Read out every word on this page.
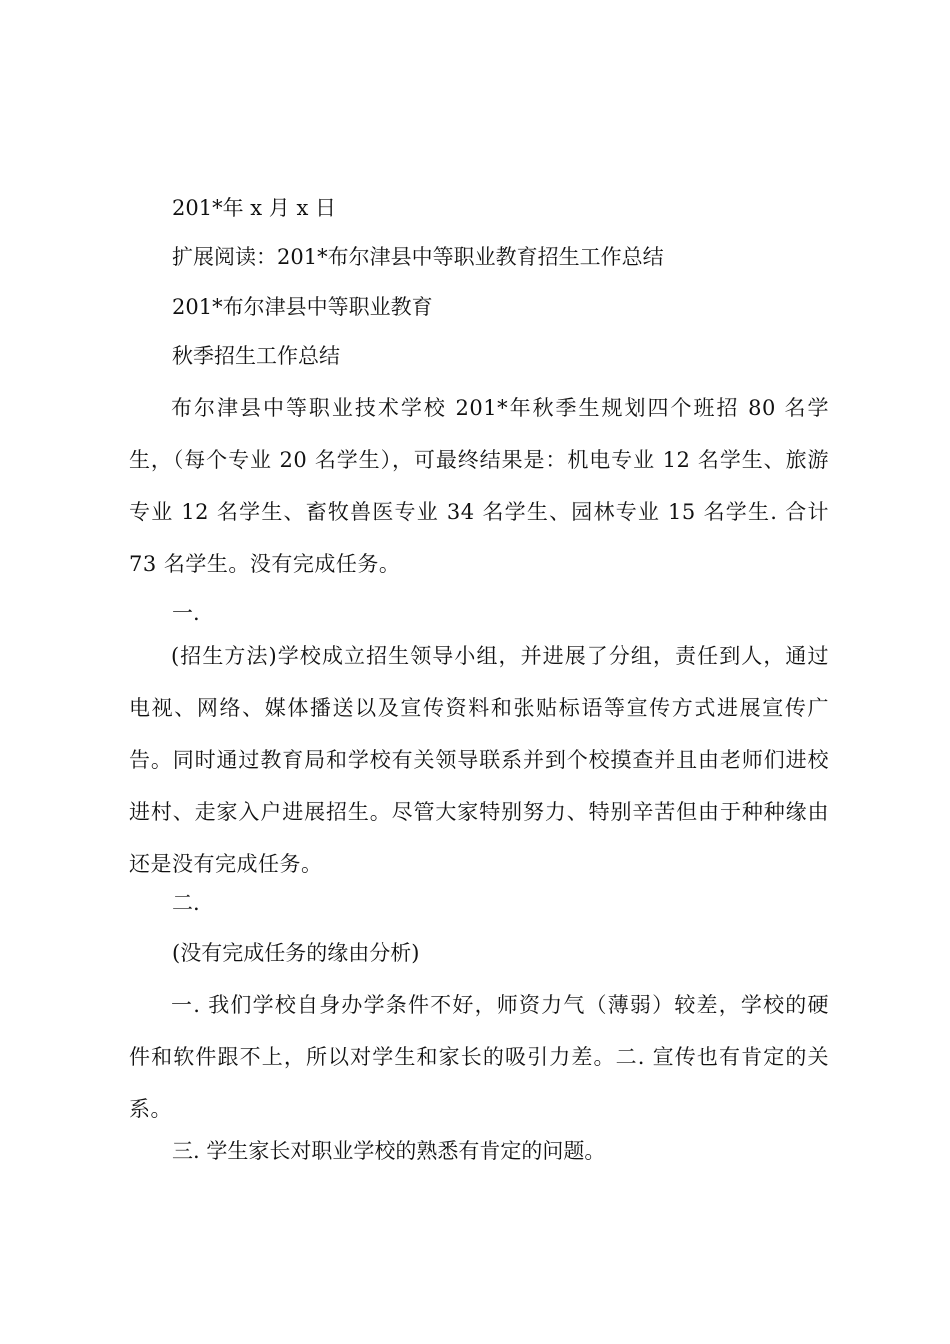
201*年 x 月 x 日
扩展阅读：201*布尔津县中等职业教育招生工作总结
201*布尔津县中等职业教育
秋季招生工作总结
布尔津县中等职业技术学校 201*年秋季生规划四个班招 80 名学生，（每个专业 20 名学生），可最终结果是：机电专业 12 名学生、旅游专业 12 名学生、畜牧兽医专业 34 名学生、园林专业 15 名学生. 合计 73 名学生。没有完成任务。
一.
(招生方法)学校成立招生领导小组，并进展了分组，责任到人，通过电视、网络、媒体播送以及宣传资料和张贴标语等宣传方式进展宣传广告。同时通过教育局和学校有关领导联系并到个校摸查并且由老师们进校进村、走家入户进展招生。尽管大家特别努力、特别辛苦但由于种种缘由还是没有完成任务。
二.
(没有完成任务的缘由分析)
一. 我们学校自身办学条件不好，师资力气（薄弱）较差，学校的硬件和软件跟不上，所以对学生和家长的吸引力差。二. 宣传也有肯定的关系。
三. 学生家长对职业学校的熟悉有肯定的问题。
